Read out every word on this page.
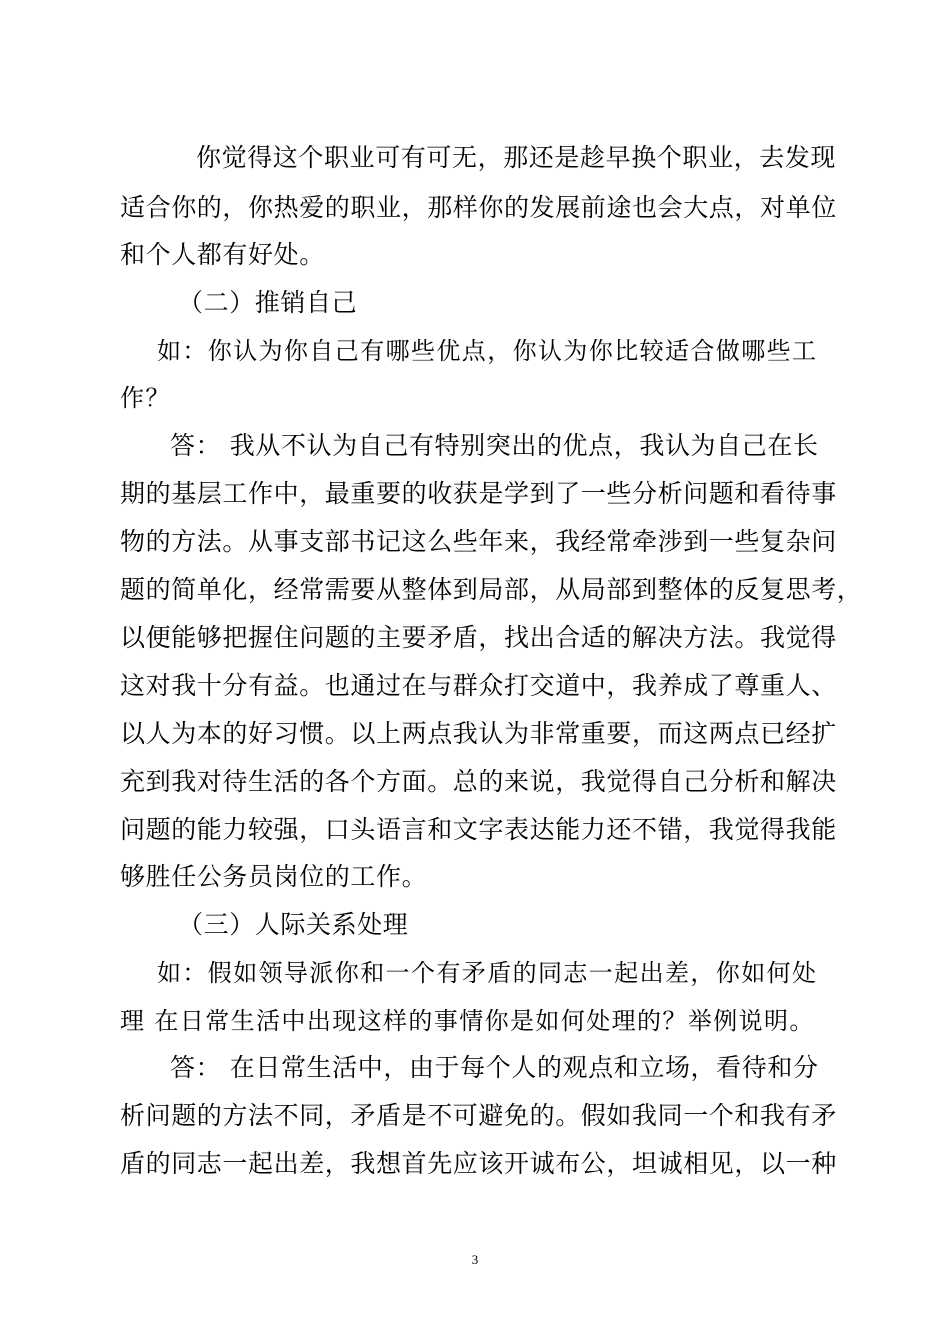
你觉得这个职业可有可无，那还是趁早换个职业，去发现
适合你的，你热爱的职业，那样你的发展前途也会大点，对单位
和个人都有好处。
（二）推销自己
如：你认为你自己有哪些优点，你认为你比较适合做哪些工
作？
答： 我从不认为自己有特别突出的优点，我认为自己在长
期的基层工作中，最重要的收获是学到了一些分析问题和看待事
物的方法。从事支部书记这么些年来，我经常牵涉到一些复杂问
题的简单化，经常需要从整体到局部，从局部到整体的反复思考，
以便能够把握住问题的主要矛盾，找出合适的解决方法。我觉得
这对我十分有益。也通过在与群众打交道中，我养成了尊重人、
以人为本的好习惯。以上两点我认为非常重要，而这两点已经扩
充到我对待生活的各个方面。总的来说，我觉得自己分析和解决
问题的能力较强，口头语言和文字表达能力还不错，我觉得我能
够胜任公务员岗位的工作。
（三）人际关系处理
如：假如领导派你和一个有矛盾的同志一起出差，你如何处
理 在日常生活中出现这样的事情你是如何处理的？举例说明。
答： 在日常生活中，由于每个人的观点和立场，看待和分
析问题的方法不同，矛盾是不可避免的。假如我同一个和我有矛
盾的同志一起出差，我想首先应该开诚布公，坦诚相见，以一种
3
